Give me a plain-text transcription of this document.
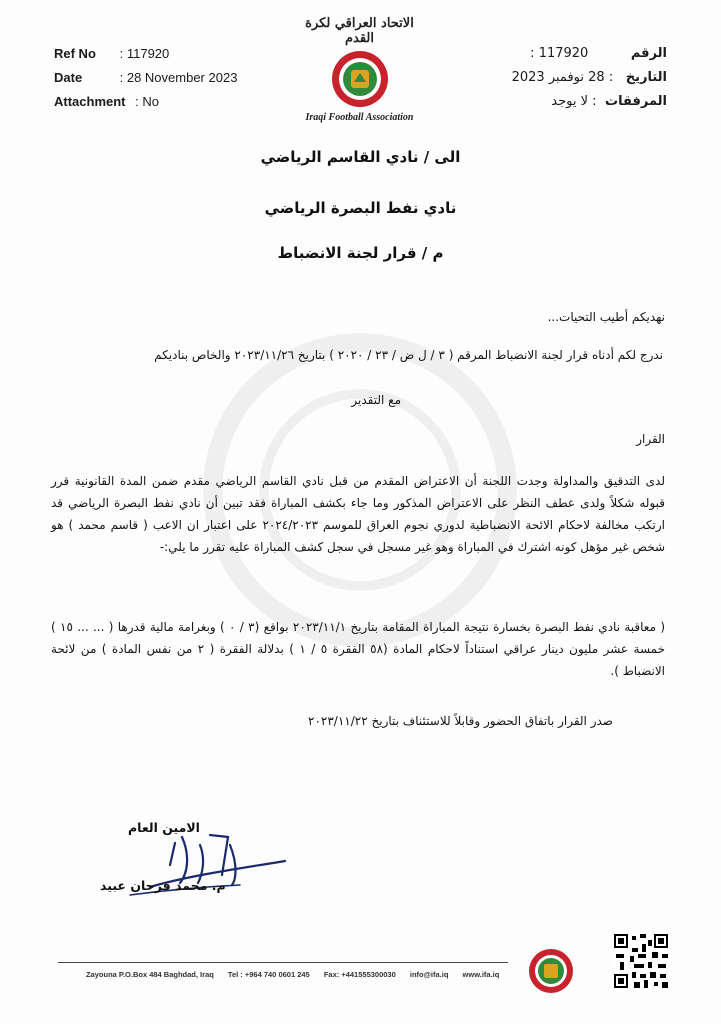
Ref No : 117920
Date	: 28 November 2023
Attachment : No
الرقم 117920 :
التاريخ : 28 نوفمبر 2023
المرفقات : لا يوجد
الاتحاد العراقي لكرة القدم
Iraqi Football Association
الى / نادي القاسم الرياضي
نادي نفط البصرة الرياضي
م / قرار لجنة الانضباط
نهديكم أطيب التحيات...
ندرج لكم أدناه قرار لجنة الانضباط المرقم ( ٣ / ل ض / ٢٣ / ٢٠٢٠ ) بتاريخ ٢٠٢٣/١١/٢٦ والخاص بناديكم
مع التقدير
القرار
لدى التدقيق والمداولة وجدت اللجنة أن الاعتراض المقدم من قبل نادي القاسم الرياضي مقدم ضمن المدة القانونية قرر قبوله شكلاً ولدى عطف النظر على الاعتراض المذكور وما جاء بكشف المباراة فقد تبين أن نادي نفط البصرة الرياضي قد ارتكب مخالفة لاحكام الائحة الانضباطية لدوري نجوم العراق للموسم ٢٠٢٤/٢٠٢٣ على اعتبار ان الاعب ( قاسم محمد ) هو شخص غير مؤهل كونه اشترك في المباراة وهو غير مسجل في سجل كشف المباراة عليه تقرر ما يلي:-
( معاقبة نادي نفط البصرة بخسارة نتيجة المباراة المقامة بتاريخ ٢٠٢٣/١١/١ بواقع (٣ / ٠ ) وبغرامة مالية قدرها ( ... ... ١٥ ) خمسة عشر مليون دينار عراقي استناداً لاحكام المادة (٥٨ الفقرة ٥ / ١ ) بدلالة الفقرة ( ٢ من نفس المادة ) من لائحة الانضباط ).
صدر القرار باتفاق الحضور وقابلاً للاستئناف بتاريخ ٢٠٢٣/١١/٢٢
الامين العام
م. محمد فرحان عبيد
Zayouna P.O.Box 484 Baghdad, Iraq Tel : +964 740 0601 245 Fax: +441555300030 info@ifa.iq www.ifa.iq
